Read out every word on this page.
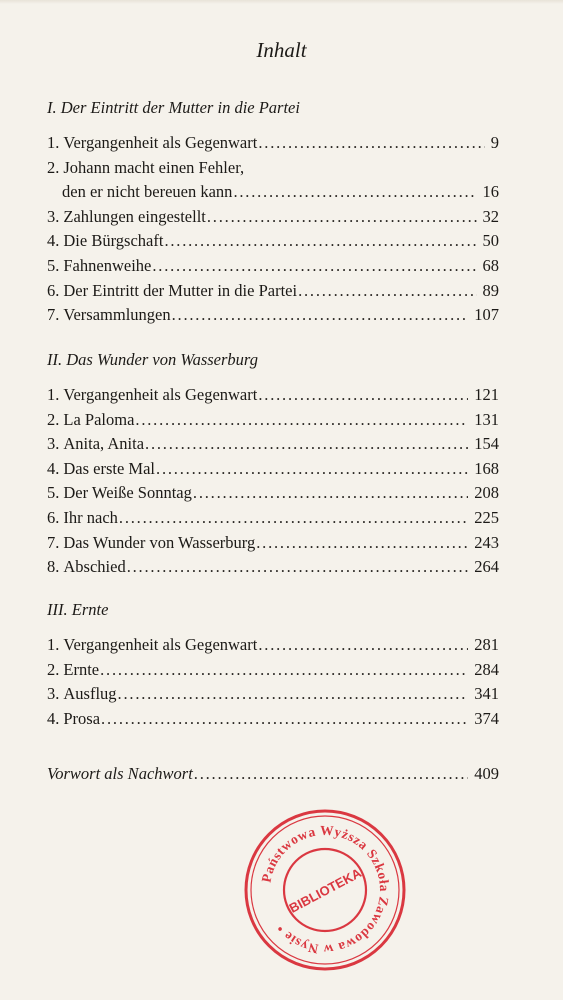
Inhalt
I. Der Eintritt der Mutter in die Partei
1. Vergangenheit als Gegenwart .....	9
2. Johann macht einen Fehler,
den er nicht bereuen kann .....	16
3. Zahlungen eingestellt .....	32
4. Die Bürgschaft .....	50
5. Fahnenweihe .....	68
6. Der Eintritt der Mutter in die Partei .....	89
7. Versammlungen .....	107
II. Das Wunder von Wasserburg
1. Vergangenheit als Gegenwart .....	121
2. La Paloma .....	131
3. Anita, Anita .....	154
4. Das erste Mal .....	168
5. Der Weiße Sonntag .....	208
6. Ihr nach .....	225
7. Das Wunder von Wasserburg .....	243
8. Abschied .....	264
III. Ernte
1. Vergangenheit als Gegenwart .....	281
2. Ernte .....	284
3. Ausflug .....	341
4. Prosa .....	374
Vorwort als Nachwort .....	409
Państwowa Wyższa Szkoła Zawodowa w Nysie •
BIBLIOTEKA
